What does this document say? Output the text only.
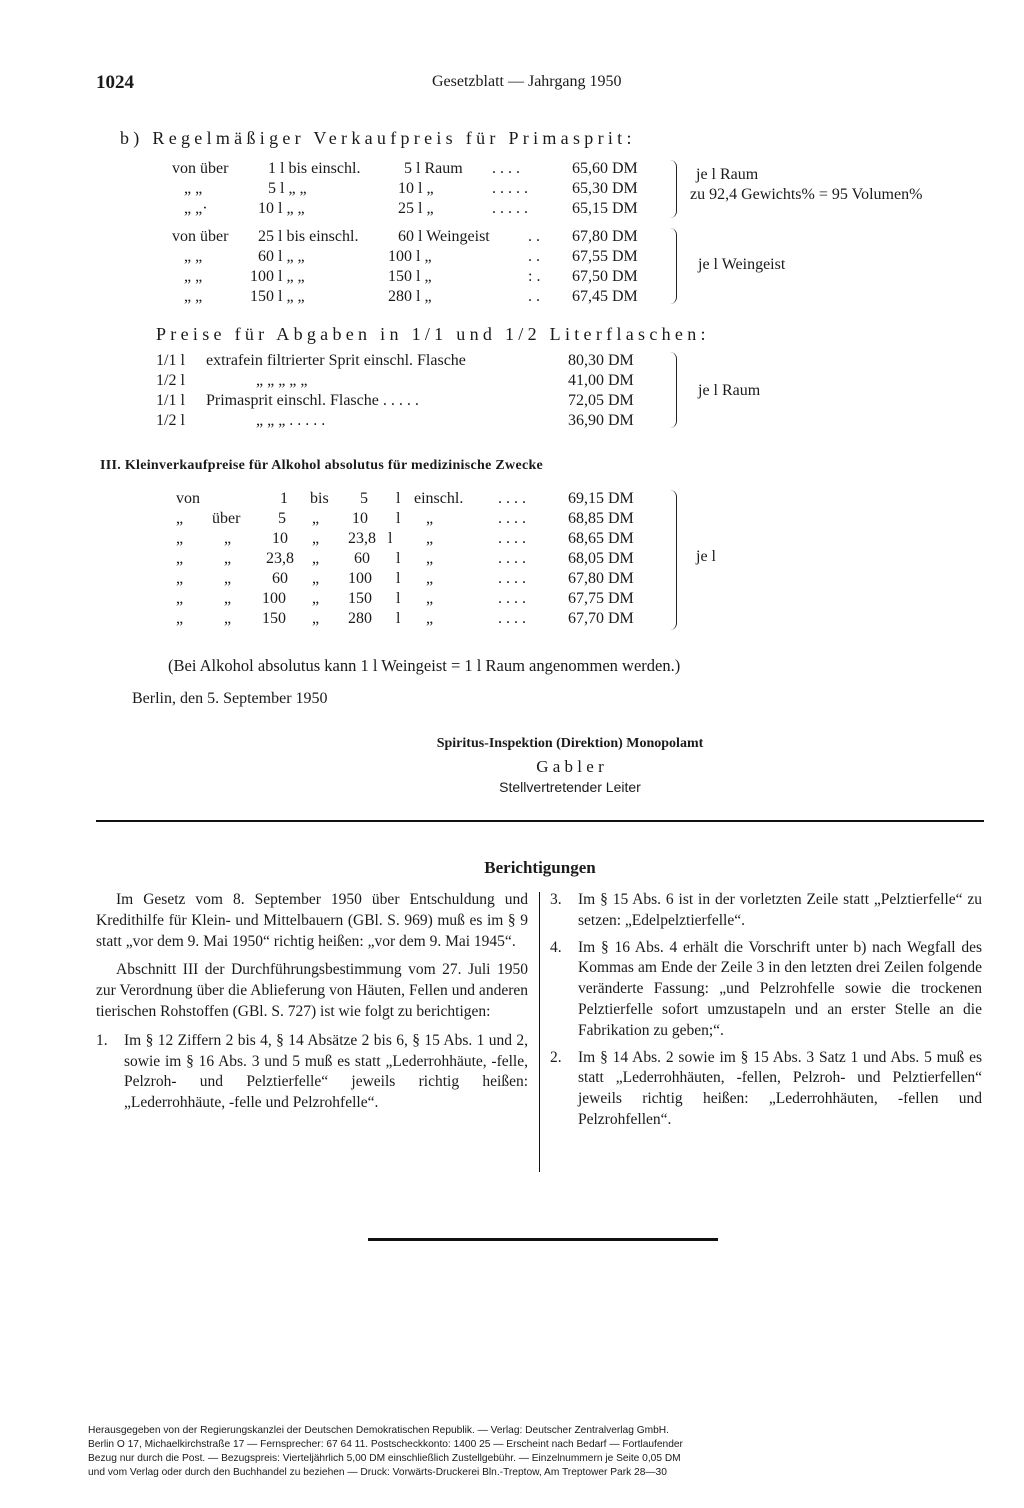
1024	Gesetzblatt — Jahrgang 1950
b) Regelmäßiger Verkaufpreis für Primasprit:
von über 1 l bis einschl.	5 l Raum . . . .	65,60 DM
„ „	5 l „ „	10 l „	. . . . .	65,30 DM
„ „·	10 l „ „	25 l „	. . . . .	65,15 DM
je l Raum
zu 92,4 Gewichts% = 95 Volumen%
von über 25 l bis einschl. 60 l Weingeist . . 67,80 DM
„ „	60 l „ „	100 l „	. . 67,55 DM
„ „	100 l „ „	150 l „	: . 67,50 DM
„ „	150 l „ „	280 l „	. . 67,45 DM
je l Weingeist
Preise für Abgaben in 1/1 und 1/2 Literflaschen:
1/1 l extrafein filtrierter Sprit einschl. Flasche	80,30 DM
1/2 l	„ „ „ „ „	41,00 DM
1/1 l Primasprit einschl. Flasche . . . . .	72,05 DM
1/2 l	„ „ „ . . . . .	36,90 DM
je l Raum
III. Kleinverkaufpreise für Alkohol absolutus für medizinische Zwecke
von	1 bis 5 l einschl. . . . .	69,15 DM
„ über 5 „ 10 l „	. . . .	68,85 DM
„	„	10 „ 23,8 l „	. . . .	68,65 DM
„	„ 23,8 „ 60 l „	. . . .	68,05 DM
„	„	60 „ 100 l „	. . . .	67,80 DM
„	„ 100 „ 150 l „	. . . .	67,75 DM
„	„ 150 „ 280 l „	. . . .	67,70 DM
je l
(Bei Alkohol absolutus kann 1 l Weingeist = 1 l Raum angenommen werden.)
Berlin, den 5. September 1950
Spiritus-Inspektion (Direktion) Monopolamt
G a b l e r
Stellvertretender Leiter
Berichtigungen

Im Gesetz vom 8. September 1950 über Entschuldung und Kredithilfe für Klein- und Mittelbauern (GBl. S. 969) muß es im § 9 statt „vor dem 9. Mai 1950“ richtig heißen: „vor dem 9. Mai 1945“.

Abschnitt III der Durchführungsbestimmung vom 27. Juli 1950 zur Verordnung über die Ablieferung von Häuten, Fellen und anderen tierischen Rohstoffen (GBl. S. 727) ist wie folgt zu berichtigen:

1. Im § 12 Ziffern 2 bis 4, § 14 Absätze 2 bis 6, § 15 Abs. 1 und 2, sowie im § 16 Abs. 3 und 5 muß es statt „Lederrohhäute, -felle, Pelzroh- und Pelztierfelle“ jeweils richtig heißen: „Lederrohhäute, -felle und Pelzrohfelle“.
3. Im § 15 Abs. 6 ist in der vorletzten Zeile statt „Pelztierfelle“ zu setzen: „Edelpelztierfelle“.
4. Im § 16 Abs. 4 erhält die Vorschrift unter b) nach Wegfall des Kommas am Ende der Zeile 3 in den letzten drei Zeilen folgende veränderte Fassung: „und Pelzrohfelle sowie die trockenen Pelztierfelle sofort umzustapeln und an erster Stelle an die Fabrikation zu geben;“.
2. Im § 14 Abs. 2 sowie im § 15 Abs. 3 Satz 1 und Abs. 5 muß es statt „Lederrohhäuten, -fellen, Pelzroh- und Pelztierfellen“ jeweils richtig heißen: „Lederrohhäuten, -fellen und Pelzrohfellen“.
Herausgegeben von der Regierungskanzlei der Deutschen Demokratischen Republik. — Verlag: Deutscher Zentralverlag GmbH.
Berlin O 17, Michaelkirchstraße 17 — Fernsprecher: 67 64 11. Postscheckkonto: 1400 25 — Erscheint nach Bedarf — Fortlaufender
Bezug nur durch die Post. — Bezugspreis: Vierteljährlich 5,00 DM einschließlich Zustellgebühr. — Einzelnummern je Seite 0,05 DM
und vom Verlag oder durch den Buchhandel zu beziehen — Druck: Vorwärts-Druckerei Bln.-Treptow, Am Treptower Park 28—30
